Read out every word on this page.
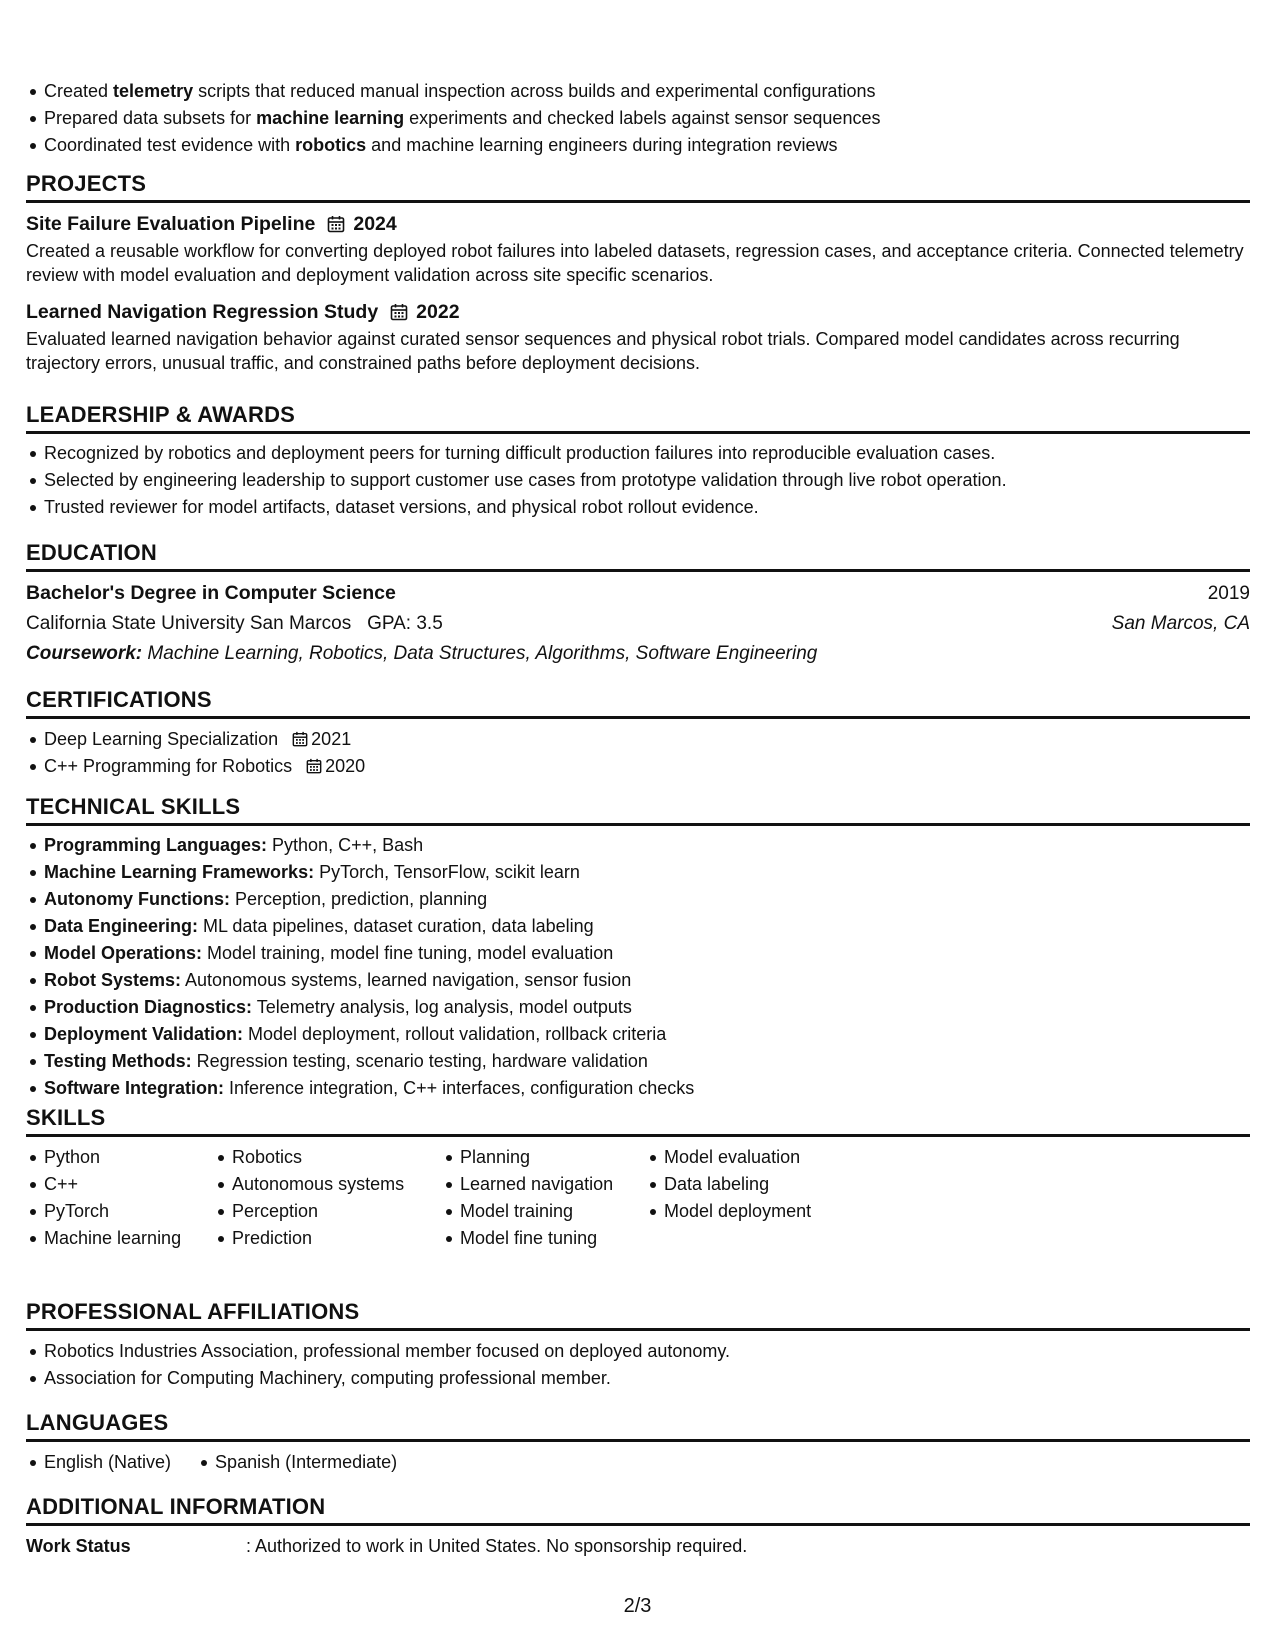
Created telemetry scripts that reduced manual inspection across builds and experimental configurations
Prepared data subsets for machine learning experiments and checked labels against sensor sequences
Coordinated test evidence with robotics and machine learning engineers during integration reviews
PROJECTS
Site Failure Evaluation Pipeline 2024

Created a reusable workflow for converting deployed robot failures into labeled datasets, regression cases, and acceptance criteria. Connected telemetry review with model evaluation and deployment validation across site specific scenarios.

Learned Navigation Regression Study 2022

Evaluated learned navigation behavior against curated sensor sequences and physical robot trials. Compared model candidates across recurring trajectory errors, unusual traffic, and constrained paths before deployment decisions.

LEADERSHIP & AWARDS
Recognized by robotics and deployment peers for turning difficult production failures into reproducible evaluation cases.
Selected by engineering leadership to support customer use cases from prototype validation through live robot operation.
Trusted reviewer for model artifacts, dataset versions, and physical robot rollout evidence.
EDUCATION
Bachelor's Degree in Computer Science	2019
California State University San Marcos GPA: 3.5	San Marcos, CA
Coursework: Machine Learning, Robotics, Data Structures, Algorithms, Software Engineering
CERTIFICATIONS
Deep Learning Specialization 2021
C++ Programming for Robotics 2020
TECHNICAL SKILLS
Programming Languages: Python, C++, Bash
Machine Learning Frameworks: PyTorch, TensorFlow, scikit learn
Autonomy Functions: Perception, prediction, planning
Data Engineering: ML data pipelines, dataset curation, data labeling
Model Operations: Model training, model fine tuning, model evaluation
Robot Systems: Autonomous systems, learned navigation, sensor fusion
Production Diagnostics: Telemetry analysis, log analysis, model outputs
Deployment Validation: Model deployment, rollout validation, rollback criteria
Testing Methods: Regression testing, scenario testing, hardware validation
Software Integration: Inference integration, C++ interfaces, configuration checks
SKILLS
Python
C++
PyTorch
Machine learning
Robotics
Autonomous systems
Perception
Prediction
Planning
Learned navigation
Model training
Model fine tuning
Model evaluation
Data labeling
Model deployment
PROFESSIONAL AFFILIATIONS
Robotics Industries Association, professional member focused on deployed autonomy.
Association for Computing Machinery, computing professional member.
LANGUAGES
English (Native)	Spanish (Intermediate)
ADDITIONAL INFORMATION
Work Status	: Authorized to work in United States. No sponsorship required.
2/3
